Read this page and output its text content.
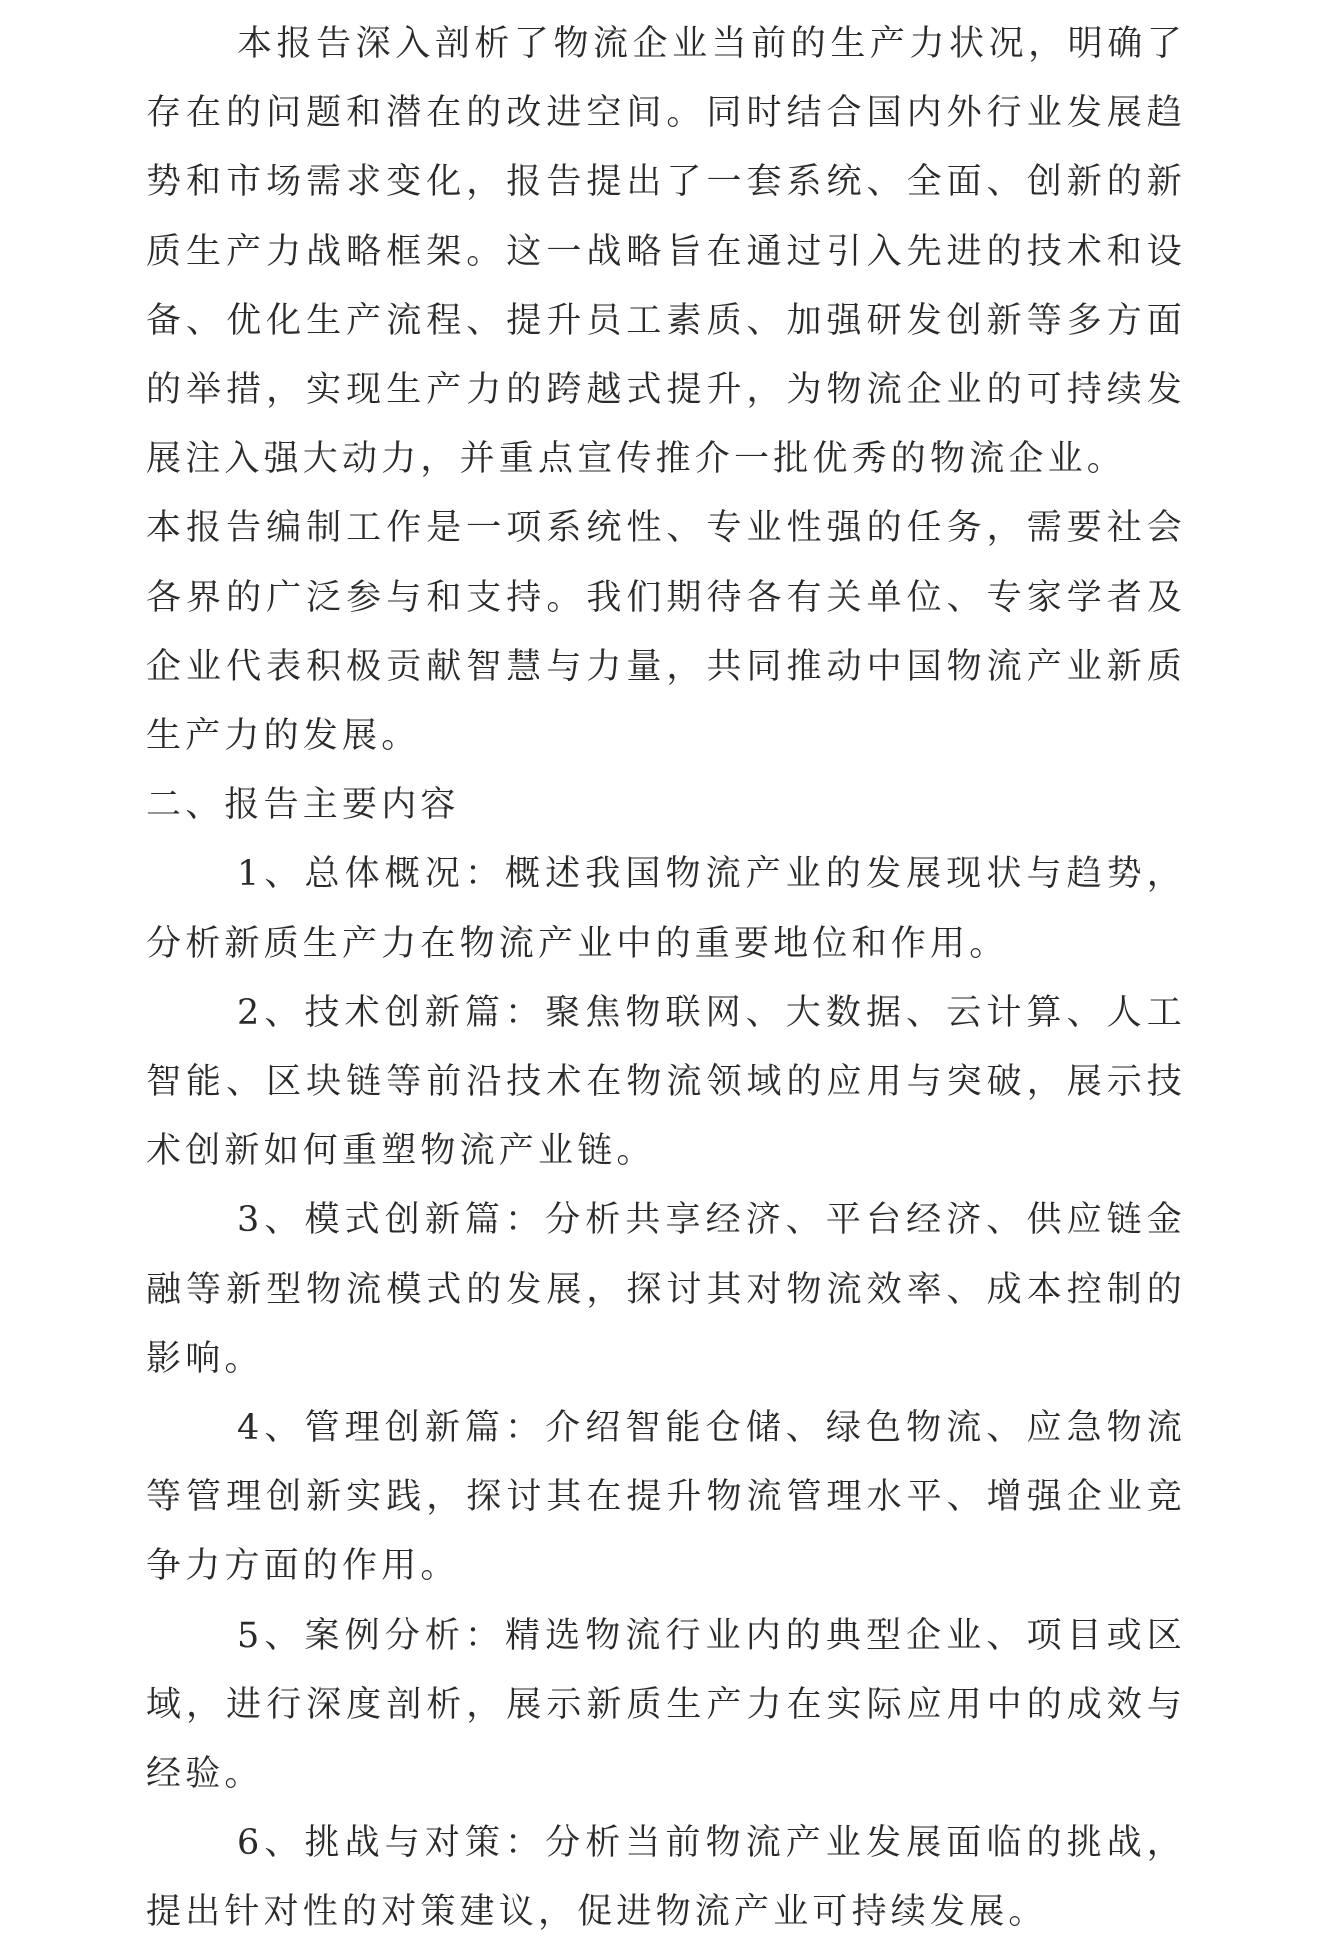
本报告深入剖析了物流企业当前的生产力状况，明确了存在的问题和潜在的改进空间。同时结合国内外行业发展趋势和市场需求变化，报告提出了一套系统、全面、创新的新质生产力战略框架。这一战略旨在通过引入先进的技术和设备、优化生产流程、提升员工素质、加强研发创新等多方面的举措，实现生产力的跨越式提升，为物流企业的可持续发展注入强大动力，并重点宣传推介一批优秀的物流企业。

本报告编制工作是一项系统性、专业性强的任务，需要社会各界的广泛参与和支持。我们期待各有关单位、专家学者及企业代表积极贡献智慧与力量，共同推动中国物流产业新质生产力的发展。

二、报告主要内容

1、总体概况：概述我国物流产业的发展现状与趋势，分析新质生产力在物流产业中的重要地位和作用。

2、技术创新篇：聚焦物联网、大数据、云计算、人工智能、区块链等前沿技术在物流领域的应用与突破，展示技术创新如何重塑物流产业链。

3、模式创新篇：分析共享经济、平台经济、供应链金融等新型物流模式的发展，探讨其对物流效率、成本控制的影响。

4、管理创新篇：介绍智能仓储、绿色物流、应急物流等管理创新实践，探讨其在提升物流管理水平、增强企业竞争力方面的作用。

5、案例分析：精选物流行业内的典型企业、项目或区域，进行深度剖析，展示新质生产力在实际应用中的成效与经验。

6、挑战与对策：分析当前物流产业发展面临的挑战，提出针对性的对策建议，促进物流产业可持续发展。
